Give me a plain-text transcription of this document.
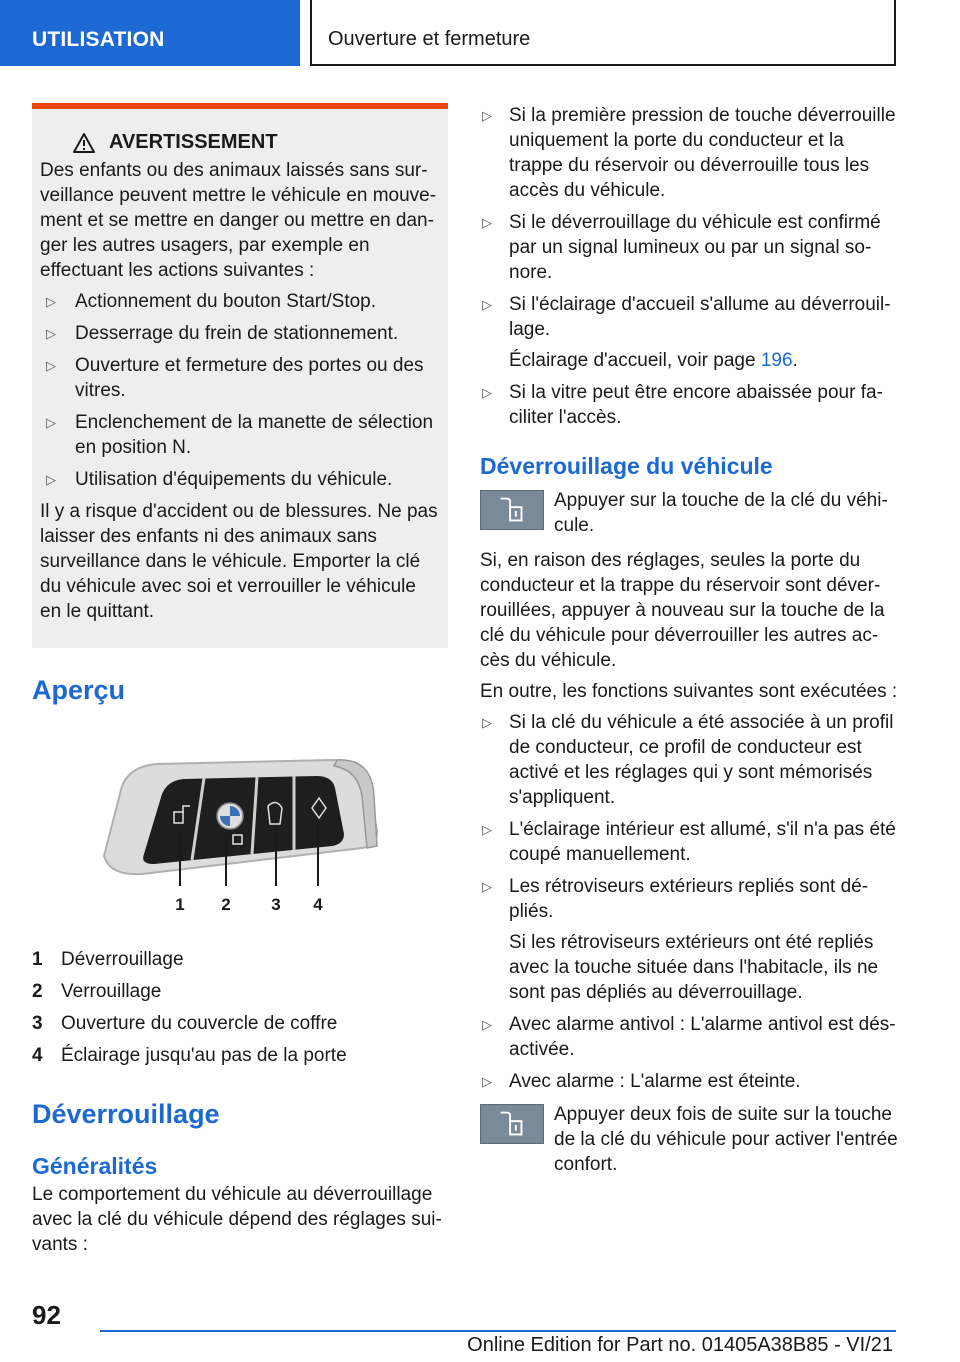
UTILISATION	Ouverture et fermeture
AVERTISSEMENT

Des enfants ou des animaux laissés sans surveillance peuvent mettre le véhicule en mouvement et se mettre en danger ou mettre en danger les autres usagers, par exemple en effectuant les actions suivantes :

▷ Actionnement du bouton Start/Stop.
▷ Desserrage du frein de stationnement.
▷ Ouverture et fermeture des portes ou des vitres.
▷ Enclenchement de la manette de sélection en position N.
▷ Utilisation d'équipements du véhicule.

Il y a risque d'accident ou de blessures. Ne pas laisser des enfants ni des animaux sans surveillance dans le véhicule. Emporter la clé du véhicule avec soi et verrouiller le véhicule en le quittant.

Aperçu
1 2 3 4
1 Déverrouillage
2 Verrouillage
3 Ouverture du couvercle de coffre
4 Éclairage jusqu'au pas de la porte
Déverrouillage
Généralités

Le comportement du véhicule au déverrouillage avec la clé du véhicule dépend des réglages suivants :

▷ Si la première pression de touche déverrouille uniquement la porte du conducteur et la trappe du réservoir ou déverrouille tous les accès du véhicule.
▷ Si le déverrouillage du véhicule est confirmé par un signal lumineux ou par un signal sonore.
▷ Si l'éclairage d'accueil s'allume au déverrouillage.
Éclairage d'accueil, voir page 196.
▷ Si la vitre peut être encore abaissée pour faciliter l'accès.
Déverrouillage du véhicule

Appuyer sur la touche de la clé du véhicule.

Si, en raison des réglages, seules la porte du conducteur et la trappe du réservoir sont déverrouillées, appuyer à nouveau sur la touche de la clé du véhicule pour déverrouiller les autres accès du véhicule.

En outre, les fonctions suivantes sont exécutées :

▷ Si la clé du véhicule a été associée à un profil de conducteur, ce profil de conducteur est activé et les réglages qui y sont mémorisés s'appliquent.
▷ L'éclairage intérieur est allumé, s'il n'a pas été coupé manuellement.
▷ Les rétroviseurs extérieurs repliés sont dépliés.
Si les rétroviseurs extérieurs ont été repliés avec la touche située dans l'habitacle, ils ne sont pas dépliés au déverrouillage.
▷ Avec alarme antivol : L'alarme antivol est désactivée.
▷ Avec alarme : L'alarme est éteinte.

Appuyer deux fois de suite sur la touche de la clé du véhicule pour activer l'entrée confort.

92
Online Edition for Part no. 01405A38B85 - VI/21
